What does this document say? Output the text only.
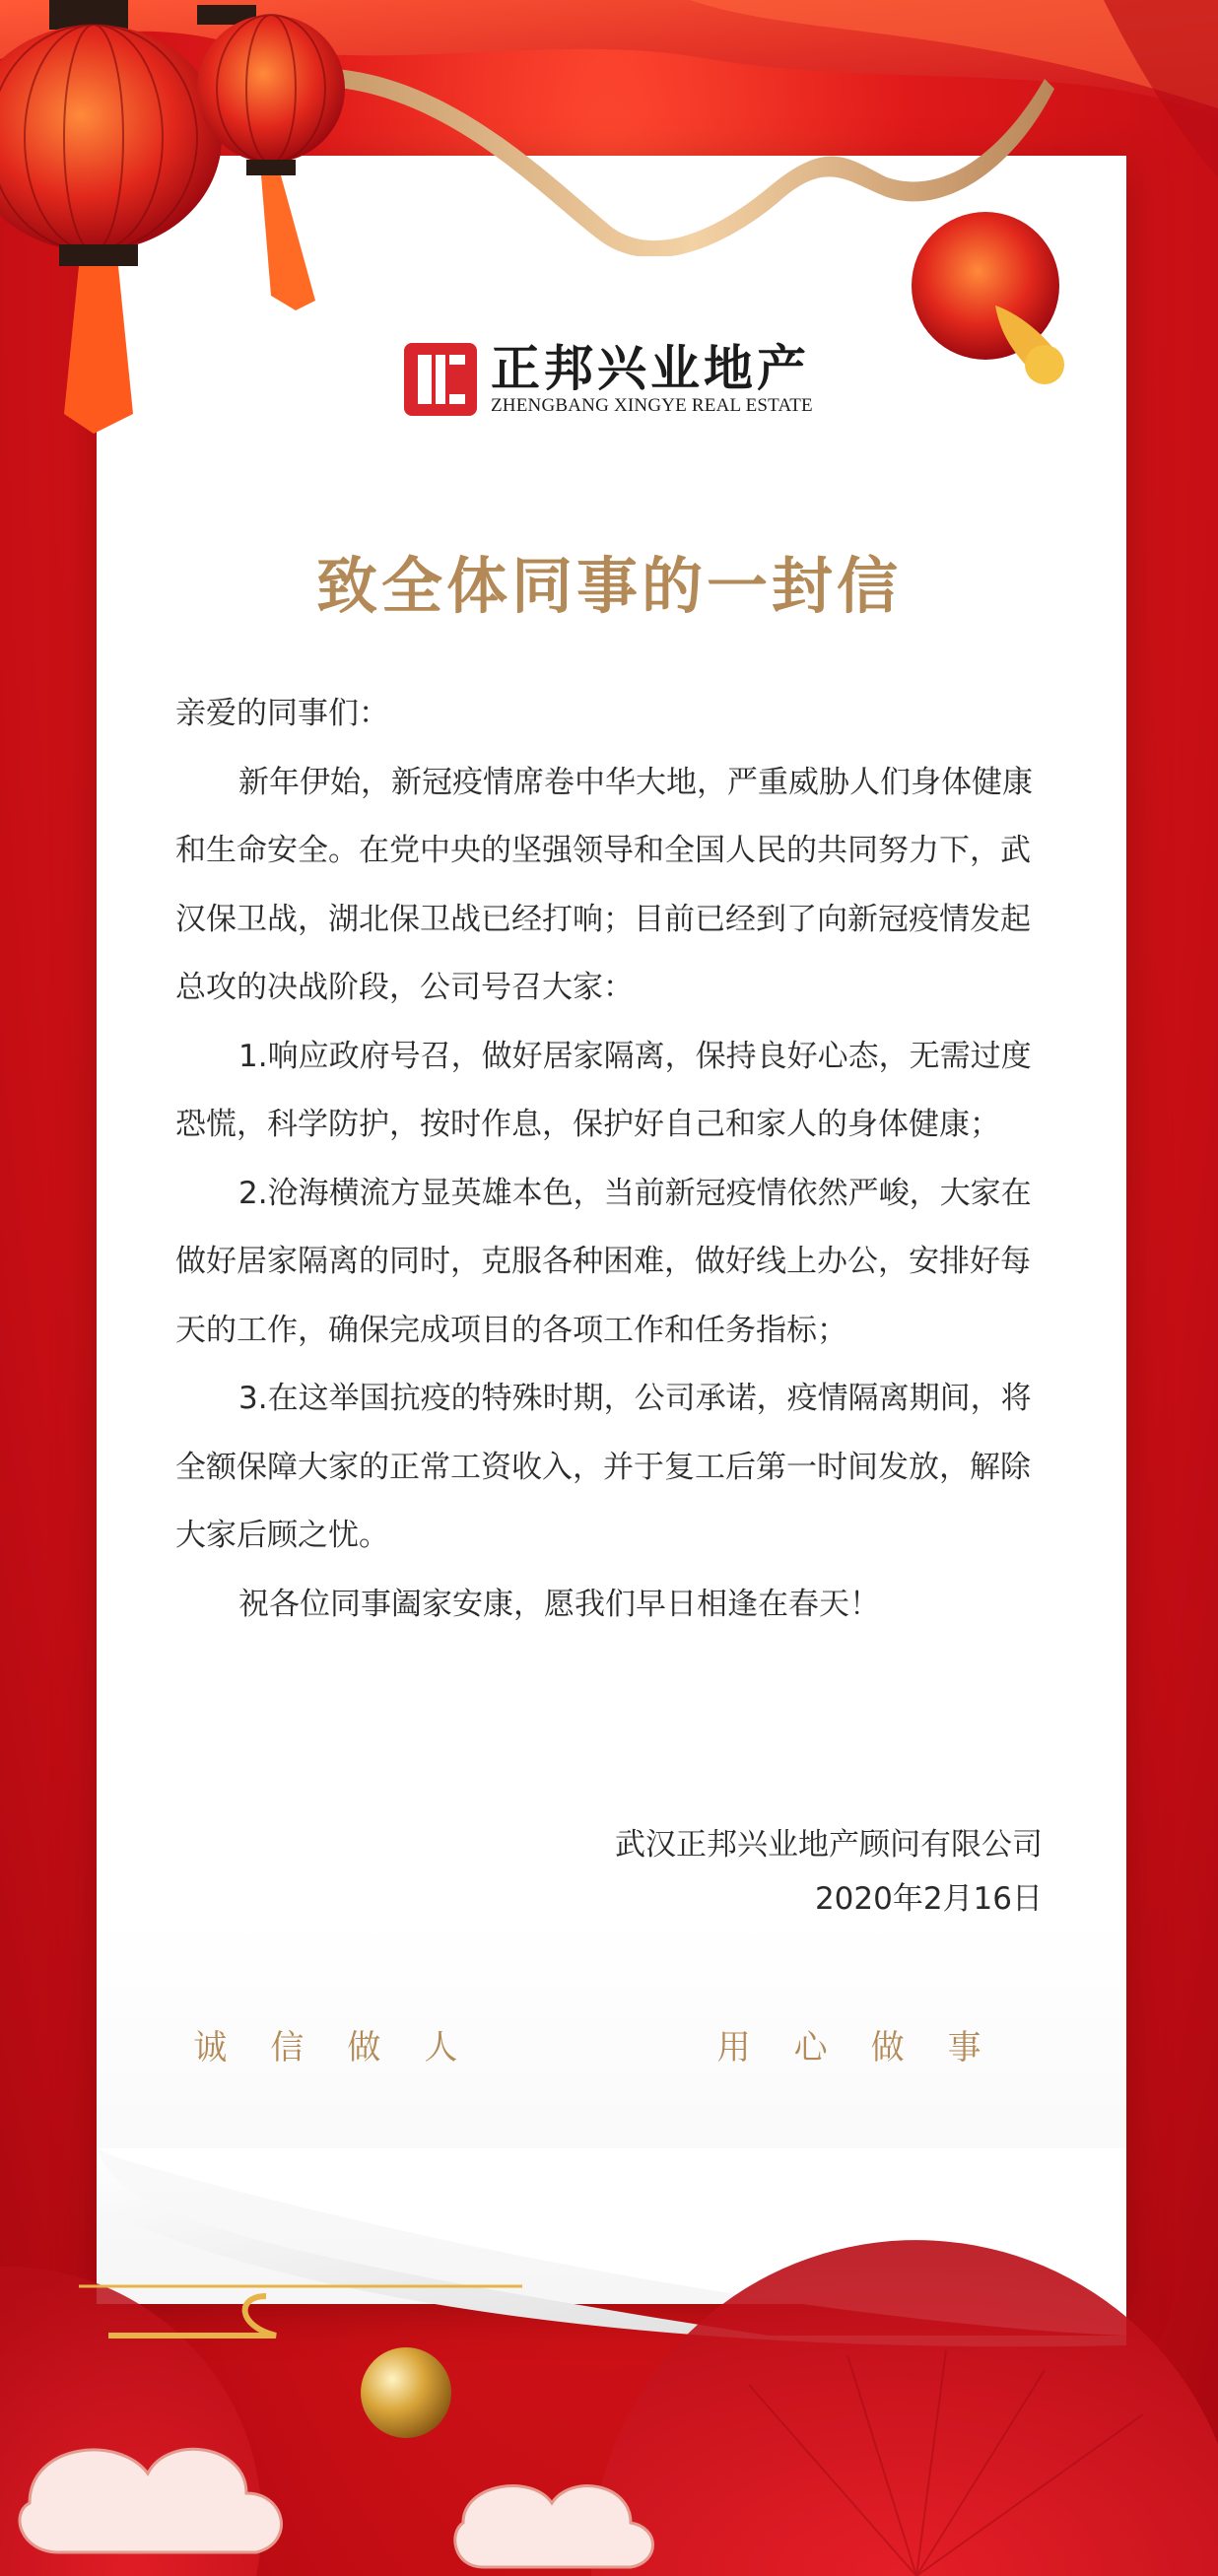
正邦兴业地产
ZHENGBANG XINGYE REAL ESTATE
致全体同事的一封信

亲爱的同事们：

新年伊始，新冠疫情席卷中华大地，严重威胁人们身体健康和生命安全。在党中央的坚强领导和全国人民的共同努力下，武汉保卫战，湖北保卫战已经打响；目前已经到了向新冠疫情发起总攻的决战阶段，公司号召大家：

1.响应政府号召，做好居家隔离，保持良好心态，无需过度恐慌，科学防护，按时作息，保护好自己和家人的身体健康；

2.沧海横流方显英雄本色，当前新冠疫情依然严峻，大家在做好居家隔离的同时，克服各种困难，做好线上办公，安排好每天的工作，确保完成项目的各项工作和任务指标；

3.在这举国抗疫的特殊时期，公司承诺，疫情隔离期间，将全额保障大家的正常工资收入，并于复工后第一时间发放，解除大家后顾之忧。

祝各位同事阖家安康，愿我们早日相逢在春天！

武汉正邦兴业地产顾问有限公司
2020年2月16日
诚信做人	用心做事
